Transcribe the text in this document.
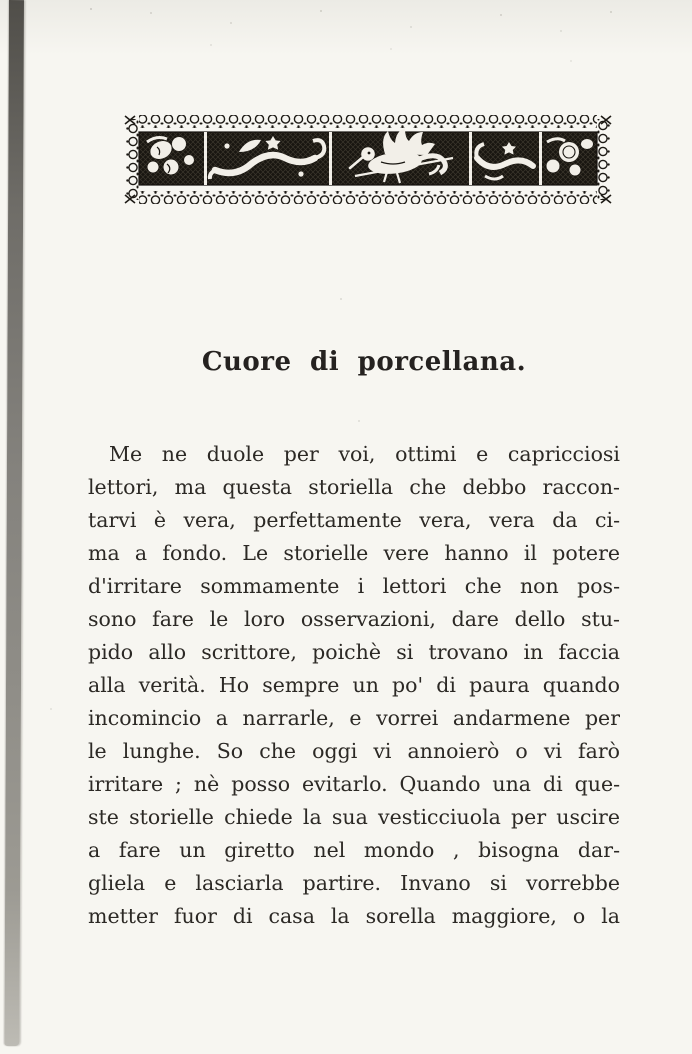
Cuore di porcellana.
Me ne duole per voi, ottimi e capricciosi
lettori, ma questa storiella che debbo raccon-
tarvi è vera, perfettamente vera, vera da ci-
ma a fondo. Le storielle vere hanno il potere
d'irritare sommamente i lettori che non pos-
sono fare le loro osservazioni, dare dello stu-
pido allo scrittore, poichè si trovano in faccia
alla verità. Ho sempre un po' di paura quando
incomincio a narrarle, e vorrei andarmene per
le lunghe. So che oggi vi annoierò o vi farò
irritare ; nè posso evitarlo. Quando una di que-
ste storielle chiede la sua vesticciuola per uscire
a fare un giretto nel mondo , bisogna dar-
gliela e lasciarla partire. Invano si vorrebbe
metter fuor di casa la sorella maggiore, o la
